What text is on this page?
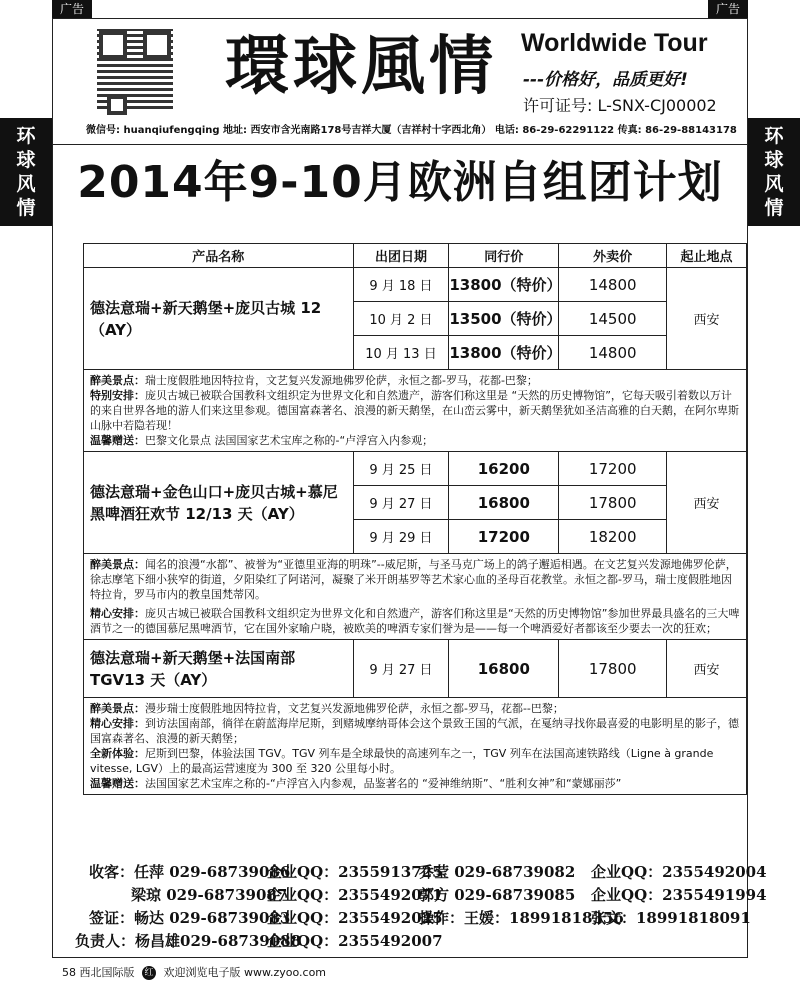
广告	广告
环
球
风
情
环
球
风
情
微信号: huanqiufengqing
環球風情 Worldwide Tour
---价格好，品质更好!
许可证号: L-SNX-CJ00002
地址: 西安市含光南路178号吉祥大厦（吉祥村十字西北角） 电话: 86-29-62291122 传真: 86-29-88143178
2014年9-10月欧洲自组团计划
产品名称	出团日期	同行价	外卖价	起止地点
德法意瑞+新天鹅堡+庞贝古城 12（AY）	9 月 18 日	13800（特价）	14800	西安
	10 月 2 日	13500（特价）	14500	
	10 月 13 日	13800（特价）	14800	

醉美景点：瑞士度假胜地因特拉肯，文艺复兴发源地佛罗伦萨，永恒之都-罗马，花都-巴黎；
特别安排：庞贝古城已被联合国教科文组织定为世界文化和自然遗产，游客们称这里是 “天然的历史博物馆”，它每天吸引着数以万计的来自世界各地的游人们来这里参观。德国富森著名、浪漫的新天鹅堡，在山峦云雾中，新天鹅堡犹如圣洁高雅的白天鹅，在阿尔卑斯山脉中若隐若现！
温馨赠送：巴黎文化景点 法国国家艺术宝库之称的-“卢浮宫入内参观；				

德法意瑞+金色山口+庞贝古城+慕尼黑啤酒狂欢节 12/13 天（AY）	9 月 25 日	16200	17200	西安
	9 月 27 日	16800	17800	
	9 月 29 日	17200	18200	

醉美景点：闻名的浪漫“水都”、被誉为“亚德里亚海的明珠”--威尼斯，与圣马克广场上的鸽子邂逅相遇。在文艺复兴发源地佛罗伦萨，徐志摩笔下细小狭窄的街道，夕阳染红了阿诺河，凝聚了米开朗基罗等艺术家心血的圣母百花教堂。永恒之都-罗马，瑞士度假胜地因特拉肯，罗马市内的教皇国梵蒂冈。
精心安排：庞贝古城已被联合国教科文组织定为世界文化和自然遗产，游客们称这里是“天然的历史博物馆”参加世界最具盛名的三大啤酒节之一的德国慕尼黑啤酒节，它在国外家喻户晓，被欧美的啤酒专家们誉为是——每一个啤酒爱好者都该至少要去一次的狂欢；				

德法意瑞+新天鹅堡+法国南部 TGV13 天（AY）	9 月 27 日	16800	17800	西安

醉美景点：漫步瑞士度假胜地因特拉肯，文艺复兴发源地佛罗伦萨，永恒之都-罗马，花都--巴黎；
精心安排：到访法国南部，徜徉在蔚蓝海岸尼斯，到赌城摩纳哥体会这个景致王国的气派，在戛纳寻找你最喜爱的电影明星的影子，德国富森著名、浪漫的新天鹅堡；
全新体验：尼斯到巴黎，体验法国 TGV。TGV 列车是全球最快的高速列车之一，TGV 列车在法国高速铁路线（Ligne à grande vitesse, LGV）上的最高运营速度为 300 至 320 公里每小时。
温馨赠送：法国国家艺术宝库之称的-“卢浮宫入内参观，品鉴著名的 “爱神维纳斯”、“胜利女神”和“蒙娜丽莎”				
收客：任萍 029-68739086
企业QQ：2355913725
乔莹 029-68739082 企业QQ：2355492004
梁琼 029-68739087
企业QQ：2355492071
郭方 029-68739085 企业QQ：2355491994
签证：畅达 029-68739083
企业QQ：2355492025
操作：王媛：18991818356
张文：18991818091
负责人：杨昌雄029-68739088
企业QQ：2355492007
58 西北国际版 红 欢迎浏览电子版 www.zyoo.com
